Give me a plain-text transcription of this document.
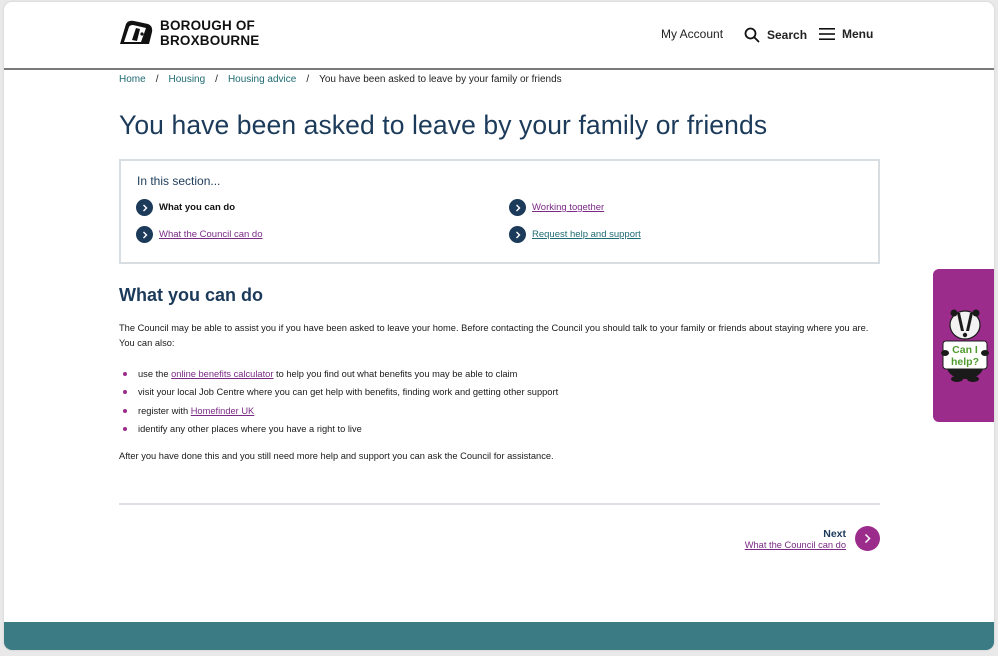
BOROUGH OF
BROXBOURNE	My Account	Search	Menu
Home / Housing / Housing advice / You have been asked to leave by your family or friends
You have been asked to leave by your family or friends
In this section...
What you can do	Working together
What the Council can do	Request help and support
What you can do

The Council may be able to assist you if you have been asked to leave your home. Before contacting the Council you should talk to your family or friends about staying where you are. You can also:

use the online benefits calculator to help you find out what benefits you may be able to claim
visit your local Job Centre where you can get help with benefits, finding work and getting other support
register with Homefinder UK
identify any other places where you have a right to live

After you have done this and you still need more help and support you can ask the Council for assistance.

Next
What the Council can do
Can I
help?
